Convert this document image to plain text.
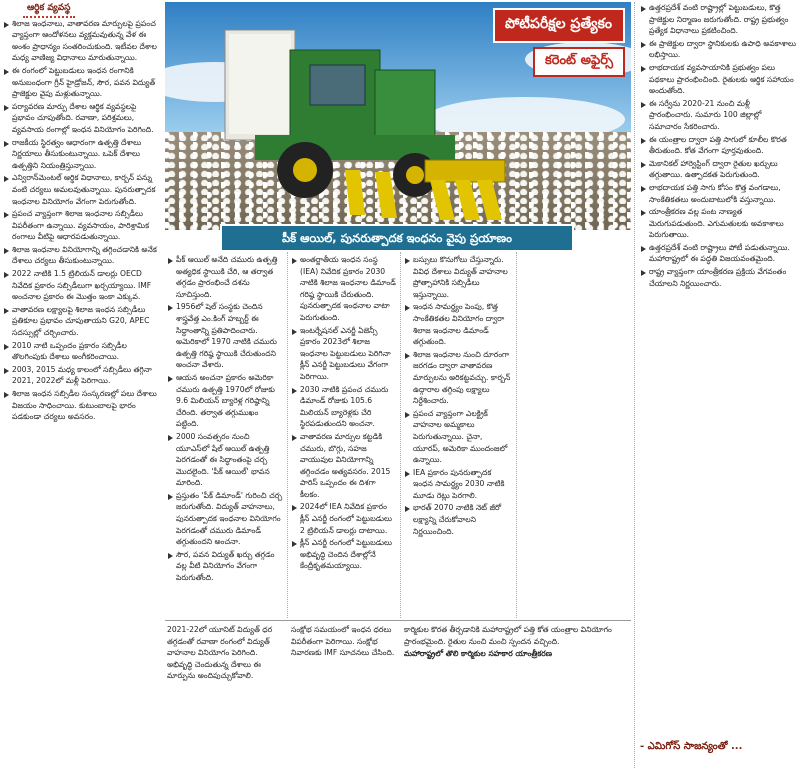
ఆర్థిక వ్యవస్థ

శిలాజ ఇంధనాలు, వాతావరణ మార్పులపై ప్రపంచ వ్యాప్తంగా ఆందోళనలు వ్యక్తమవుతున్న వేళ ఈ అంశం ప్రాధాన్యం సంతరించుకుంది. ఇటీవల దేశాల మధ్య వాణిజ్య విధానాలు మారుతున్నాయి.

ఈ రంగంలో పెట్టుబడులు ఇంధన రంగానికి అనుబంధంగా గ్రీన్ హైడ్రోజన్, సౌర, పవన విద్యుత్ ప్రాజెక్టుల వైపు మళ్లుతున్నాయి.

పర్యావరణ మార్పు దేశాల ఆర్థిక వ్యవస్థలపై ప్రభావం చూపుతోంది. రవాణా, పరిశ్రమలు, వ్యవసాయ రంగాల్లో ఇంధన వినియోగం పెరిగింది.

రాజకీయ స్థిరత్వం ఆధారంగా ఉత్పత్తి దేశాలు నిర్ణయాలు తీసుకుంటున్నాయి. ఒపెక్ దేశాలు ఉత్పత్తిని నియంత్రిస్తున్నాయి.

ఎన్విరాన్‌మెంటల్ ఆర్థిక విధానాలు, కార్బన్ పన్ను వంటి చర్యలు అమలవుతున్నాయి. పునరుత్పాదక ఇంధనాల వినియోగం వేగంగా పెరుగుతోంది.

ప్రపంచ వ్యాప్తంగా శిలాజ ఇంధనాల సబ్సిడీలు విపరీతంగా ఉన్నాయి. వ్యవసాయం, పారిశ్రామిక రంగాలు వీటిపై ఆధారపడుతున్నాయి.

శిలాజ ఇంధనాల వినియోగాన్ని తగ్గించడానికి అనేక దేశాలు చర్యలు తీసుకుంటున్నాయి.

2022 నాటికి 1.5 ట్రిలియన్ డాలర్లు OECD నివేదిక ప్రకారం సబ్సిడీలుగా ఖర్చయ్యాయి. IMF అంచనాల ప్రకారం ఈ మొత్తం ఇంకా ఎక్కువ.

వాతావరణ లక్ష్యాలపై శిలాజ ఇంధన సబ్సిడీలు ప్రతికూల ప్రభావం చూపుతాయని G20, APEC సదస్సుల్లో చర్చించారు.

2010 నాటి ఒప్పందం ప్రకారం సబ్సిడీల తొలగింపుకు దేశాలు అంగీకరించాయి.

2003, 2015 మధ్య కాలంలో సబ్సిడీలు తగ్గినా 2021, 2022లో మళ్లీ పెరిగాయి.

శిలాజ ఇంధన సబ్సిడీల సంస్కరణల్లో పలు దేశాలు విజయం సాధించాయి. కుటుంబాలపై భారం పడకుండా చర్యలు అవసరం.

పోటీపరీక్షల ప్రత్యేకం
కరెంట్ అఫైర్స్
పీక్ ఆయిల్, పునరుత్పాదక ఇంధనం వైపు ప్రయాణం

పీక్ ఆయిల్ అనేది చమురు ఉత్పత్తి అత్యధిక స్థాయికి చేరి, ఆ తర్వాత తగ్గడం ప్రారంభించే దశను సూచిస్తుంది.

1956లో షెల్ సంస్థకు చెందిన శాస్త్రవేత్త ఎం.కింగ్ హబ్బర్ట్ ఈ సిద్ధాంతాన్ని ప్రతిపాదించారు. అమెరికాలో 1970 నాటికి చమురు ఉత్పత్తి గరిష్ఠ స్థాయికి చేరుతుందని అంచనా వేశారు.

ఆయన అంచనా ప్రకారం అమెరికా చమురు ఉత్పత్తి 1970లో రోజుకు 9.6 మిలియన్ బ్యారెళ్ల గరిష్ఠాన్ని చేరింది. తర్వాత తగ్గుముఖం పట్టింది.

2000 సంవత్సరం నుంచి యూఎస్‌లో షేల్ ఆయిల్ ఉత్పత్తి పెరగడంతో ఈ సిద్ధాంతంపై చర్చ మొదలైంది. 'పీక్ ఆయిల్' భావన మారింది.

ప్రస్తుతం 'పీక్ డిమాండ్' గురించి చర్చ జరుగుతోంది. విద్యుత్ వాహనాలు, పునరుత్పాదక ఇంధనాల వినియోగం పెరగడంతో చమురు డిమాండ్ తగ్గుతుందని అంచనా.

సౌర, పవన విద్యుత్ ఖర్చు తగ్గడం వల్ల వీటి వినియోగం వేగంగా పెరుగుతోంది.

అంతర్జాతీయ ఇంధన సంస్థ (IEA) నివేదిక ప్రకారం 2030 నాటికి శిలాజ ఇంధనాల డిమాండ్ గరిష్ఠ స్థాయికి చేరుతుంది. పునరుత్పాదక ఇంధనాల వాటా పెరుగుతుంది.

ఇంటర్నేషనల్ ఎనర్జీ ఏజెన్సీ ప్రకారం 2023లో శిలాజ ఇంధనాల పెట్టుబడులు పెరిగినా క్లీన్ ఎనర్జీ పెట్టుబడులు వేగంగా పెరిగాయి.

2030 నాటికి ప్రపంచ చమురు డిమాండ్ రోజుకు 105.6 మిలియన్ బ్యారెళ్లకు చేరి స్థిరపడుతుందని అంచనా.

వాతావరణ మార్పుల కట్టడికి చమురు, బొగ్గు, సహజ వాయువుల వినియోగాన్ని తగ్గించడం అత్యవసరం. 2015 పారిస్ ఒప్పందం ఈ దిశగా కీలకం.

2024లో IEA నివేదిక ప్రకారం క్లీన్ ఎనర్జీ రంగంలో పెట్టుబడులు 2 ట్రిలియన్ డాలర్లు దాటాయి.

క్లీన్ ఎనర్జీ రంగంలో పెట్టుబడులు అభివృద్ధి చెందిన దేశాల్లోనే కేంద్రీకృతమయ్యాయి.

బస్సులు కొనుగోలు చేస్తున్నారు. వివిధ దేశాలు విద్యుత్ వాహనాల ప్రోత్సాహానికి సబ్సిడీలు ఇస్తున్నాయి.

ఇంధన సామర్థ్యం పెంపు, కొత్త సాంకేతికతల వినియోగం ద్వారా శిలాజ ఇంధనాల డిమాండ్ తగ్గుతుంది.

శిలాజ ఇంధనాల నుంచి దూరంగా జరగడం ద్వారా వాతావరణ మార్పులను అరికట్టవచ్చు. కార్బన్ ఉద్గారాల తగ్గింపు లక్ష్యాలు నిర్దేశించారు.

ప్రపంచ వ్యాప్తంగా ఎలక్ట్రిక్ వాహనాల అమ్మకాలు పెరుగుతున్నాయి. చైనా, యూరప్, అమెరికా ముందంజలో ఉన్నాయి.

IEA ప్రకారం పునరుత్పాదక ఇంధన సామర్థ్యం 2030 నాటికి మూడు రెట్లు పెరగాలి.

భారత్ 2070 నాటికి నెట్ జీరో లక్ష్యాన్ని చేరుకోవాలని నిర్ణయించింది.

2021-22లో యూనిట్ విద్యుత్ ధర తగ్గడంతో రవాణా రంగంలో విద్యుత్ వాహనాల వినియోగం పెరిగింది. అభివృద్ధి చెందుతున్న దేశాలు ఈ మార్పును అందిపుచ్చుకోవాలి.

సంక్షోభ సమయంలో ఇంధన ధరలు విపరీతంగా పెరిగాయి. సంక్షోభ నివారణకు IMF సూచనలు చేసింది.

కార్మికుల కొరత తీర్చడానికి మహారాష్ట్రలో పత్తి కోత యంత్రాల వినియోగం ప్రారంభమైంది. రైతుల నుంచి మంచి స్పందన వచ్చింది.

మహారాష్ట్రలో తొలి కార్మికుల సహకార యాంత్రీకరణ

ఉత్తరప్రదేశ్ వంటి రాష్ట్రాల్లో పెట్టుబడులు, కొత్త ప్రాజెక్టుల నిర్మాణం జరుగుతోంది. రాష్ట్ర ప్రభుత్వం ప్రత్యేక విధానాలు ప్రకటించింది.

ఈ ప్రాజెక్టుల ద్వారా స్థానికులకు ఉపాధి అవకాశాలు లభిస్తాయి.

లాభదాయక వ్యవసాయానికి ప్రభుత్వం పలు పథకాలు ప్రారంభించింది. రైతులకు ఆర్థిక సహాయం అందుతోంది.

ఈ సర్వేను 2020-21 నుంచి మళ్లీ ప్రారంభించారు. సుమారు 100 జిల్లాల్లో సమాచారం సేకరించారు.

ఈ యంత్రాల ద్వారా పత్తి సాగులో కూలీల కొరత తీరుతుంది. కోత వేగంగా పూర్తవుతుంది.

మెకానికల్ హార్వెస్టింగ్ ద్వారా రైతుల ఖర్చులు తగ్గుతాయి. ఉత్పాదకత పెరుగుతుంది.

లాభదాయక పత్తి సాగు కోసం కొత్త వంగడాలు, సాంకేతికతలు అందుబాటులోకి వస్తున్నాయి.

యాంత్రీకరణ వల్ల పంట నాణ్యత మెరుగుపడుతుంది. ఎగుమతులకు అవకాశాలు పెరుగుతాయి.

ఉత్తరప్రదేశ్ వంటి రాష్ట్రాలు పోటీ పడుతున్నాయి. మహారాష్ట్రలో ఈ పద్ధతి విజయవంతమైంది.

రాష్ట్ర వ్యాప్తంగా యాంత్రీకరణ ప్రక్రియ వేగవంతం చేయాలని నిర్ణయించారు.

- ఎమిగోస్ సాజన్యంతో ...
